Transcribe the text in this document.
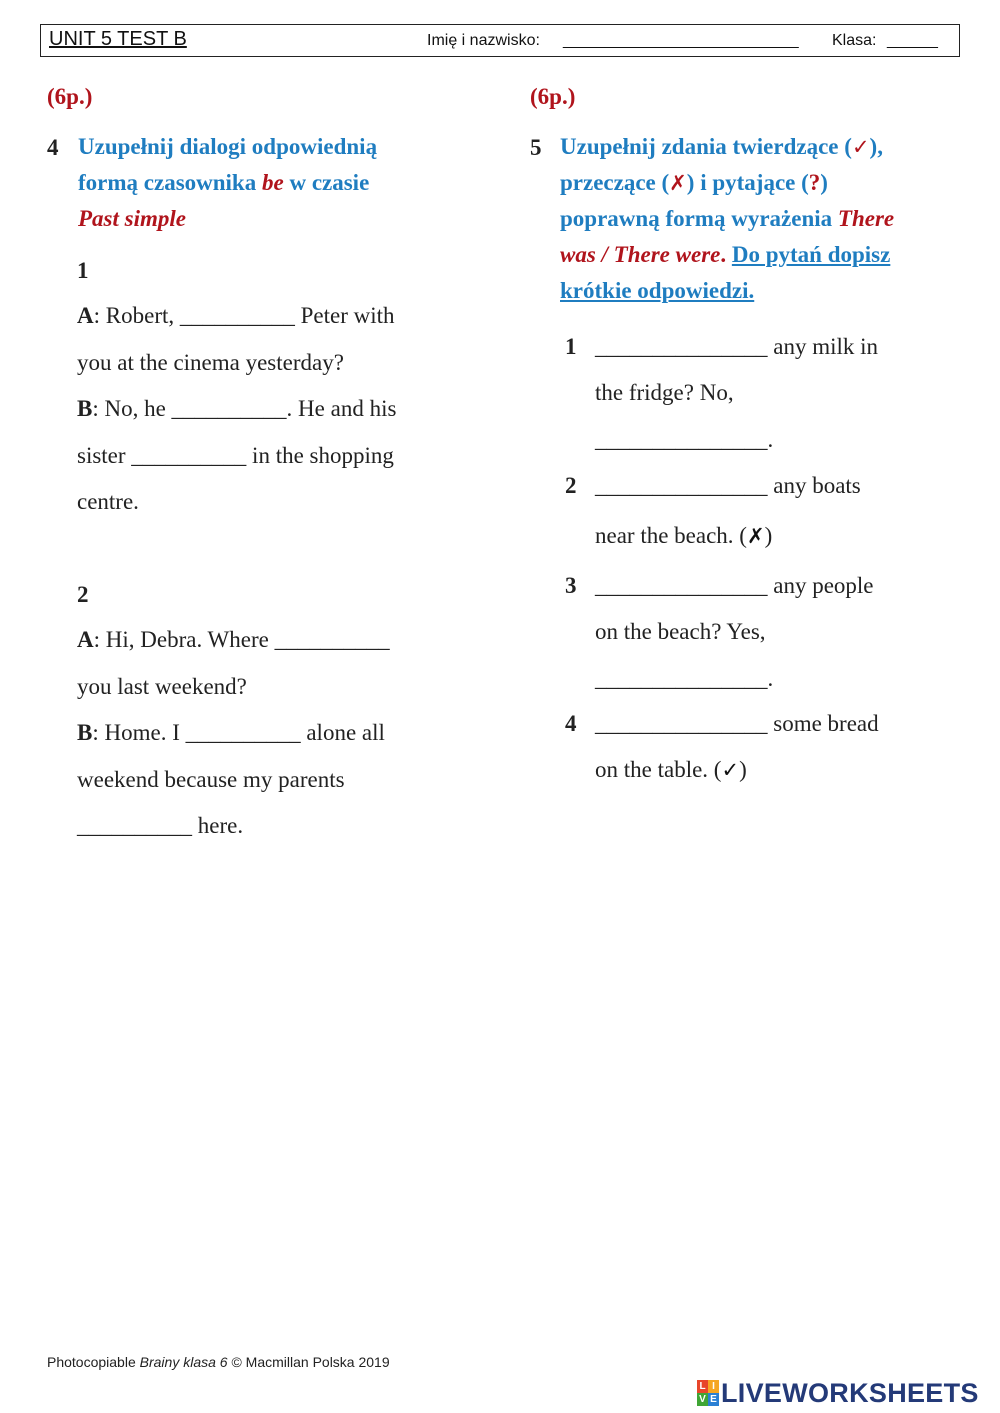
UNIT 5 TEST B	Imię i nazwisko: ____________________________ Klasa: ______
(6p.)
4 Uzupełnij dialogi odpowiednią
formą czasownika be w czasie
Past simple
1
A: Robert, __________ Peter with
you at the cinema yesterday?
B: No, he __________. He and his
sister __________ in the shopping
centre.
2
A: Hi, Debra. Where __________
you last weekend?
B: Home. I __________ alone all
weekend because my parents
__________ here.
(6p.)
5 Uzupełnij zdania twierdzące (✓),
przeczące (✗) i pytające (?)
poprawną formą wyrażenia There
was / There were. Do pytań dopisz
krótkie odpowiedzi.
1 _______________ any milk in
the fridge? No,
_______________.
2 _______________ any boats
near the beach. (✗)
3 _______________ any people
on the beach? Yes,
_______________.
4 _______________ some bread
on the table. (✓)
Photocopiable Brainy klasa 6 © Macmillan Polska 2019
L I
V E LIVEWORKSHEETS
